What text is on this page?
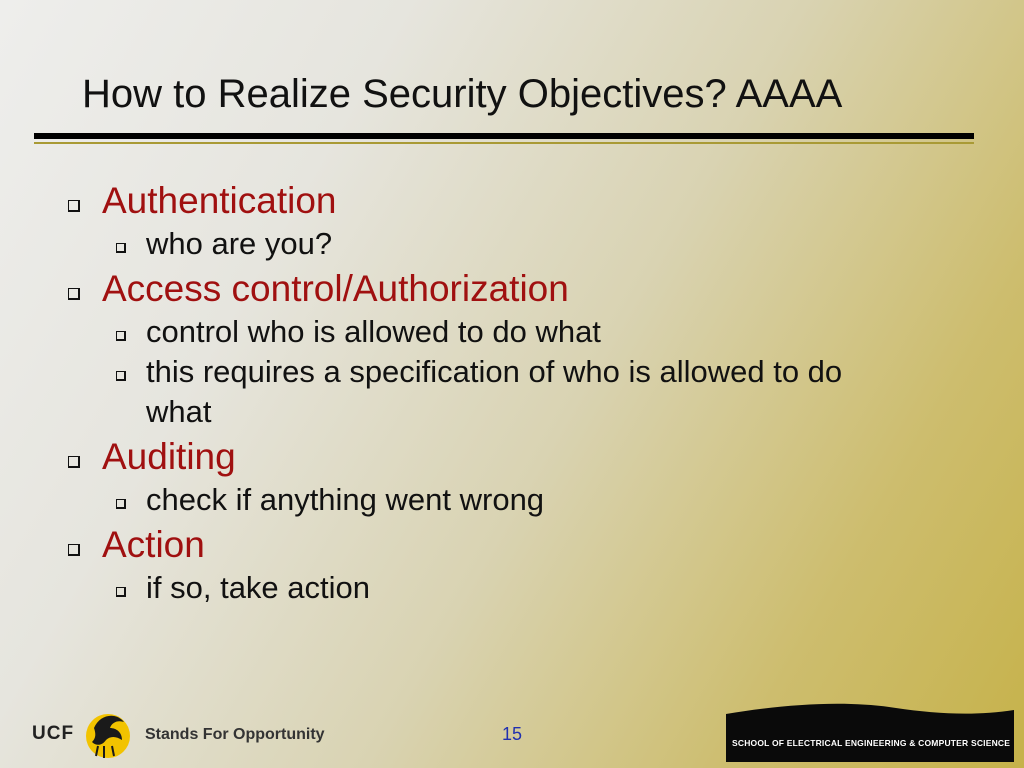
How to Realize Security Objectives? AAAA
Authentication
who are you?
Access control/Authorization
control who is allowed to do what
this requires a specification of who is allowed to do what
Auditing
check if anything went wrong
Action
if so, take action
UCF	Stands For Opportunity	15	SCHOOL OF ELECTRICAL ENGINEERING & COMPUTER SCIENCE
